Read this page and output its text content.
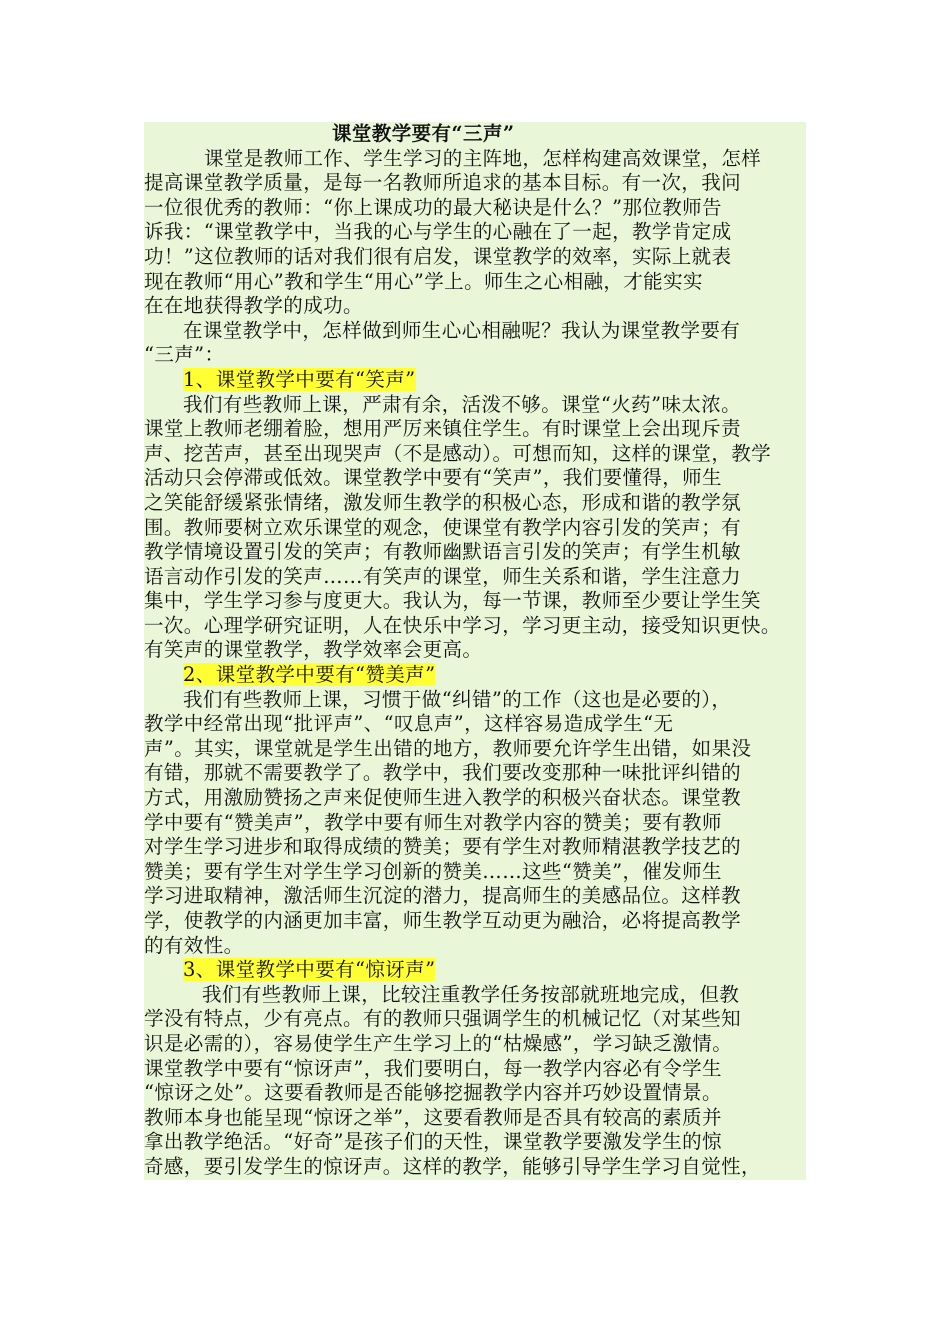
课堂教学要有“三声”
课堂是教师工作、学生学习的主阵地，怎样构建高效课堂，怎样
提高课堂教学质量，是每一名教师所追求的基本目标。有一次，我问
一位很优秀的教师：“你上课成功的最大秘诀是什么？”那位教师告
诉我：“课堂教学中，当我的心与学生的心融在了一起，教学肯定成
功！”这位教师的话对我们很有启发，课堂教学的效率，实际上就表
现在教师“用心”教和学生“用心”学上。师生之心相融，才能实实
在在地获得教学的成功。
在课堂教学中，怎样做到师生心心相融呢？我认为课堂教学要有
“三声”：
1、课堂教学中要有“笑声”
我们有些教师上课，严肃有余，活泼不够。课堂“火药”味太浓。
课堂上教师老绷着脸，想用严厉来镇住学生。有时课堂上会出现斥责
声、挖苦声，甚至出现哭声（不是感动）。可想而知，这样的课堂，教学
活动只会停滞或低效。课堂教学中要有“笑声”，我们要懂得，师生
之笑能舒缓紧张情绪，激发师生教学的积极心态，形成和谐的教学氛
围。教师要树立欢乐课堂的观念，使课堂有教学内容引发的笑声；有
教学情境设置引发的笑声；有教师幽默语言引发的笑声；有学生机敏
语言动作引发的笑声……有笑声的课堂，师生关系和谐，学生注意力
集中，学生学习参与度更大。我认为，每一节课，教师至少要让学生笑
一次。心理学研究证明，人在快乐中学习，学习更主动，接受知识更快。
有笑声的课堂教学，教学效率会更高。
2、课堂教学中要有“赞美声”
我们有些教师上课，习惯于做“纠错”的工作（这也是必要的），
教学中经常出现“批评声”、“叹息声”，这样容易造成学生“无
声”。其实，课堂就是学生出错的地方，教师要允许学生出错，如果没
有错，那就不需要教学了。教学中，我们要改变那种一味批评纠错的
方式，用激励赞扬之声来促使师生进入教学的积极兴奋状态。课堂教
学中要有“赞美声”，教学中要有师生对教学内容的赞美；要有教师
对学生学习进步和取得成绩的赞美；要有学生对教师精湛教学技艺的
赞美；要有学生对学生学习创新的赞美……这些“赞美”，催发师生
学习进取精神，激活师生沉淀的潜力，提高师生的美感品位。这样教
学，使教学的内涵更加丰富，师生教学互动更为融洽，必将提高教学
的有效性。
3、课堂教学中要有“惊讶声”
我们有些教师上课，比较注重教学任务按部就班地完成，但教
学没有特点，少有亮点。有的教师只强调学生的机械记忆（对某些知
识是必需的），容易使学生产生学习上的“枯燥感”，学习缺乏激情。
课堂教学中要有“惊讶声”，我们要明白，每一教学内容必有令学生
“惊讶之处”。这要看教师是否能够挖掘教学内容并巧妙设置情景。
教师本身也能呈现“惊讶之举”，这要看教师是否具有较高的素质并
拿出教学绝活。“好奇”是孩子们的天性，课堂教学要激发学生的惊
奇感，要引发学生的惊讶声。这样的教学，能够引导学生学习自觉性，
